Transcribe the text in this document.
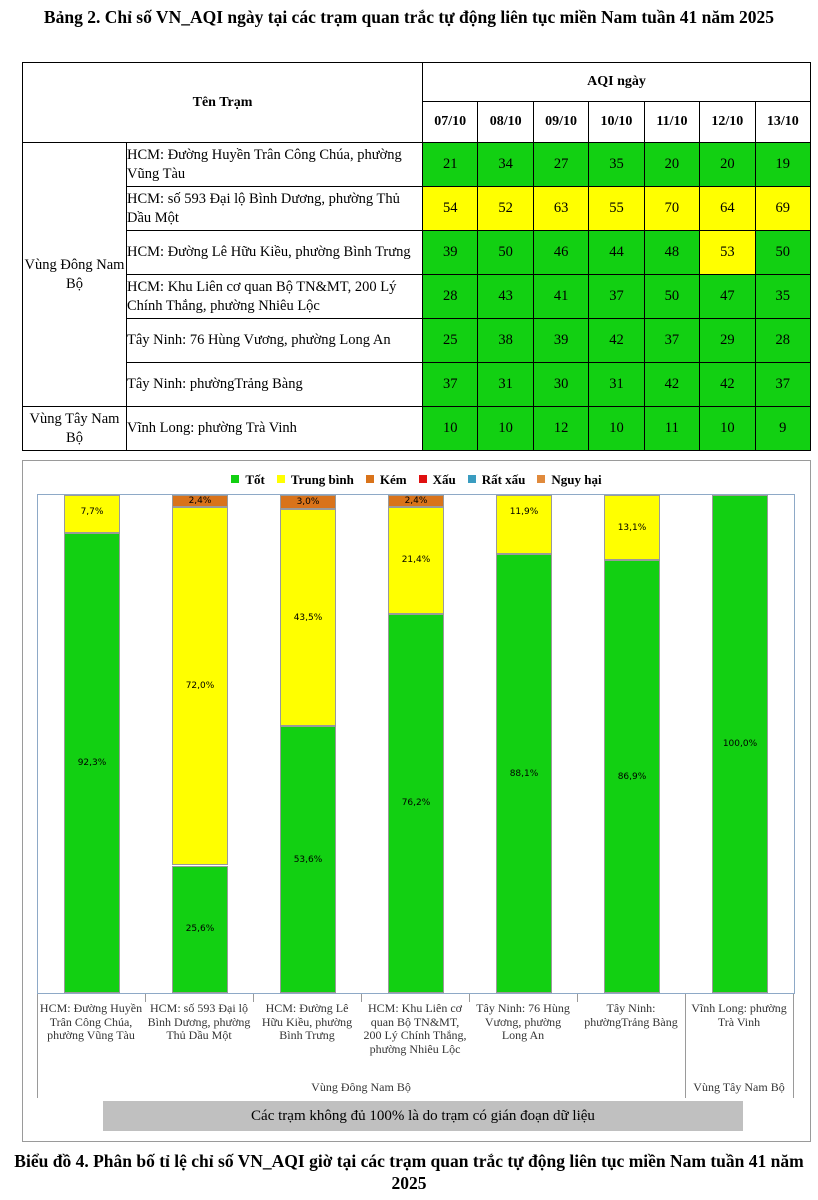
Bảng 2. Chỉ số VN_AQI ngày tại các trạm quan trắc tự động liên tục miền Nam tuần 41 năm 2025
Tên Trạm		AQI ngày						
		07/10	08/10	09/10	10/10	11/10	12/10	13/10
Vùng Đông Nam Bộ	HCM: Đường Huyền Trân Công Chúa, phường Vũng Tàu	21	34	27	35	20	20	19
	HCM: số 593 Đại lộ Bình Dương, phường Thủ Dầu Một	54	52	63	55	70	64	69
	HCM: Đường Lê Hữu Kiều, phường Bình Trưng	39	50	46	44	48	53	50
	HCM: Khu Liên cơ quan Bộ TN&MT, 200 Lý Chính Thắng, phường Nhiêu Lộc	28	43	41	37	50	47	35
	Tây Ninh: 76 Hùng Vương, phường Long An	25	38	39	42	37	29	28
	Tây Ninh: phườngTrảng Bàng	37	31	30	31	42	42	37
Vùng Tây Nam Bộ	Vĩnh Long: phường Trà Vinh	10	10	12	10	11	10	9
Tốt Trung bình Kém Xấu Rất xấu Nguy hại
92,3%
7,7%
25,6%
72,0%
2,4%
53,6%
43,5%
3,0%
76,2%
21,4%
2,4%
88,1%
11,9%
86,9%
13,1%
100,0%
HCM: Đường Huyền Trân Công Chúa, phường Vũng Tàu
HCM: số 593 Đại lộ Bình Dương, phường Thủ Dầu Một
HCM: Đường Lê Hữu Kiều, phường Bình Trưng
HCM: Khu Liên cơ quan Bộ TN&MT, 200 Lý Chính Thắng, phường Nhiêu Lộc
Tây Ninh: 76 Hùng Vương, phường Long An
Tây Ninh: phườngTrảng Bàng
Vĩnh Long: phường Trà Vinh
Vùng Đông Nam Bộ	Vùng Tây Nam Bộ
Các trạm không đủ 100% là do trạm có gián đoạn dữ liệu
Biểu đồ 4. Phân bố tỉ lệ chỉ số VN_AQI giờ tại các trạm quan trắc tự động liên tục miền Nam tuần 41 năm 2025
